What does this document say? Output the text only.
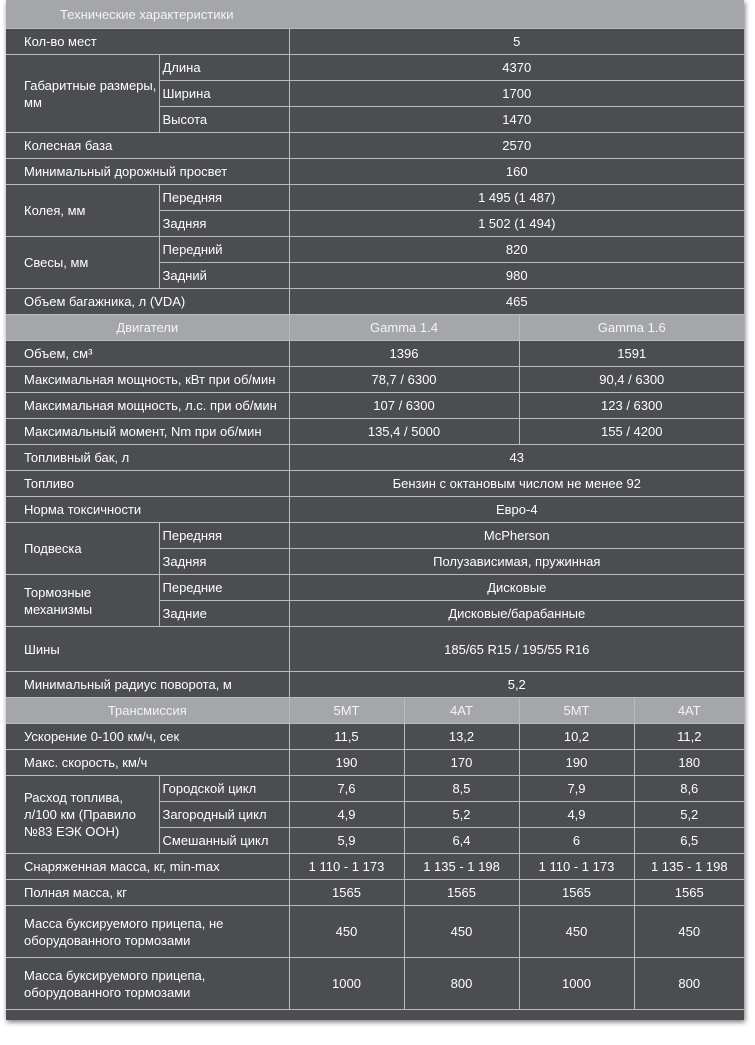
Технические характеристики					
Кол-во мест		5			
Габаритные размеры, мм	Длина	4370			
	Ширина	1700			
	Высота	1470			
Колесная база		2570			
Минимальный дорожный просвет		160			
Колея, мм	Передняя	1 495 (1 487)			
	Задняя	1 502 (1 494)			
Свесы, мм	Передний	820			
	Задний	980			
Объем багажника, л (VDA)		465			
Двигатели		Gamma 1.4		Gamma 1.6	
Объем, см³		1396		1591	
Максимальная мощность, кВт при об/мин		78,7 / 6300		90,4 / 6300	
Максимальная мощность, л.с. при об/мин		107 / 6300		123 / 6300	
Максимальный момент, Nm при об/мин		135,4 / 5000		155 / 4200	
Топливный бак, л		43			
Топливо		Бензин с октановым числом не менее 92			
Норма токсичности		Евро-4			
Подвеска	Передняя	McPherson			
	Задняя	Полузависимая, пружинная			
Тормозные механизмы	Передние	Дисковые			
	Задние	Дисковые/барабанные			
Шины		185/65 R15 / 195/55 R16			
Минимальный радиус поворота, м		5,2			
Трансмиссия		5MT	4AT	5MT	4AT
Ускорение 0-100 км/ч, сек		11,5	13,2	10,2	11,2
Макс. скорость, км/ч		190	170	190	180
Расход топлива, л/100 км (Правило №83 ЕЭК ООН)	Городской цикл	7,6	8,5	7,9	8,6
	Загородный цикл	4,9	5,2	4,9	5,2
	Смешанный цикл	5,9	6,4	6	6,5
Снаряженная масса, кг, min-max		1 110 - 1 173	1 135 - 1 198	1 110 - 1 173	1 135 - 1 198
Полная масса, кг		1565	1565	1565	1565
Масса буксируемого прицепа, не оборудованного тормозами		450	450	450	450
Масса буксируемого прицепа, оборудованного тормозами		1000	800	1000	800
